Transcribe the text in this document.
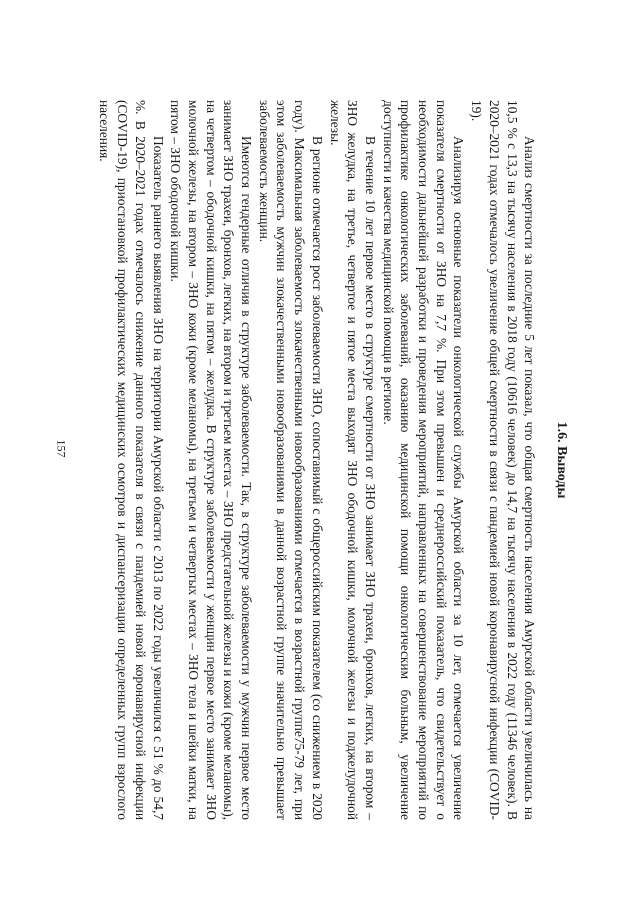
157	1.6. Выводы

Анализ смертности за последние 5 лет показал, что общая смертность населения Амурской области увеличилась на 10,5 % с 13,3 на тысячу населения в 2018 году (10616 человек) до 14,7 на тысячу населения в 2022 году (11346 человек). В 2020–2021 годах отмечалось увеличение общей смертности в связи с пандемией новой коронавирусной инфекции (COVID-19).

Анализируя основные показатели онкологической службы Амурской области за 10 лет, отмечается увеличение показателя смертности от ЗНО на 7,7 %. При этом превышен и среднероссийский показатель, что свидетельствует о необходимости дальнейшей разработки и проведения мероприятий, направленных на совершенствование мероприятий по профилактике онкологических заболеваний, оказанию медицинской помощи онкологическим больным, увеличение доступности и качества медицинской помощи в регионе.

В течение 10 лет первое место в структуре смертности от ЗНО занимает ЗНО трахеи, бронхов, легких, на втором – ЗНО желудка, на третье, четвертое и пятое места выходят ЗНО ободочной кишки, молочной железы и поджелудочной железы.

В регионе отмечается рост заболеваемости ЗНО, сопоставимый с общероссийским показателем (со снижением в 2020 году). Максимальная заболеваемость злокачественными новообразованиями отмечается в возрастной группе75-79 лет, при этом заболеваемость мужчин злокачественными новообразованиями в данной возрастной группе значительно превышает заболеваемость женщин.

Имеются гендерные отличия в структуре заболеваемости. Так, в структуре заболеваемости у мужчин первое место занимает ЗНО трахеи, бронхов, легких, на втором и третьем местах – ЗНО предстательной железы и кожи (кроме меланомы), на четвертом – ободочной кишки, на пятом – желудка. В структуре заболеваемости у женщин первое место занимает ЗНО молочной железы, на втором – ЗНО кожи (кроме меланомы), на третьем и четвертых местах – ЗНО тела и шейки матки, на пятом – ЗНО ободочной кишки.

Показатель раннего выявления ЗНО на территории Амурской области с 2013 по 2022 годы увеличился с 51 % до 54,7 %. В 2020–2021 годах отмечалось снижение данного показателя в связи с пандемией новой коронавирусной инфекции (COVID-19), приостановкой профилактических медицинских осмотров и диспансеризации определенных групп взрослого населения.
